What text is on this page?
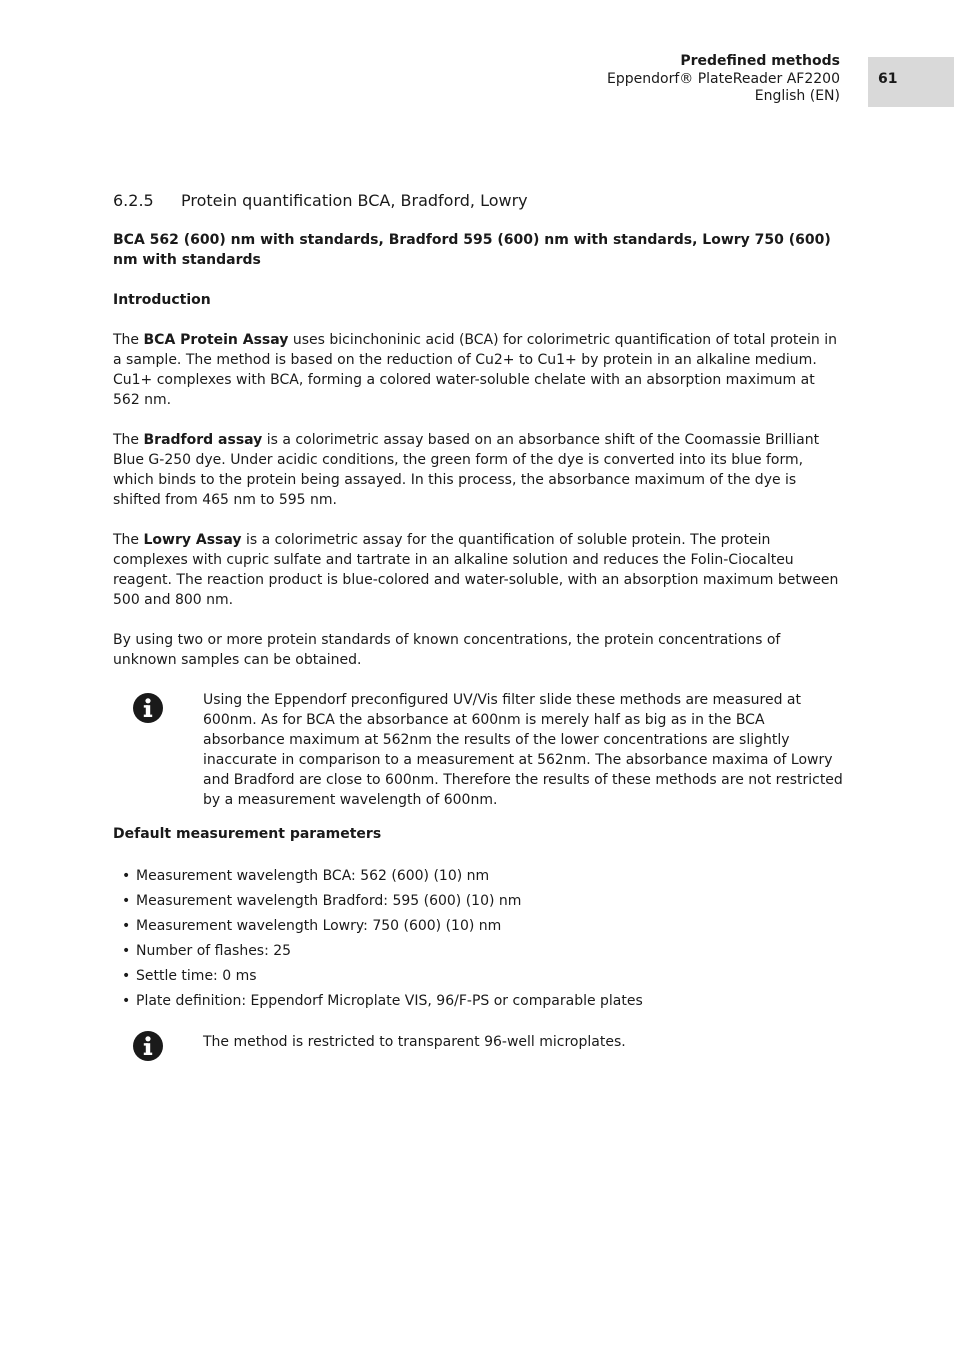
Predefined methods
Eppendorf® PlateReader AF2200
English (EN)
61
6.2.5 Protein quantification BCA, Bradford, Lowry
BCA 562 (600) nm with standards, Bradford 595 (600) nm with standards, Lowry 750 (600) nm with standards
Introduction

The BCA Protein Assay uses bicinchoninic acid (BCA) for colorimetric quantification of total protein in a sample. The method is based on the reduction of Cu2+ to Cu1+ by protein in an alkaline medium. Cu1+ complexes with BCA, forming a colored water-soluble chelate with an absorption maximum at 562 nm.

The Bradford assay is a colorimetric assay based on an absorbance shift of the Coomassie Brilliant Blue G-250 dye. Under acidic conditions, the green form of the dye is converted into its blue form, which binds to the protein being assayed. In this process, the absorbance maximum of the dye is shifted from 465 nm to 595 nm.

The Lowry Assay is a colorimetric assay for the quantification of soluble protein. The protein complexes with cupric sulfate and tartrate in an alkaline solution and reduces the Folin-Ciocalteu reagent. The reaction product is blue-colored and water-soluble, with an absorption maximum between 500 and 800 nm.

By using two or more protein standards of known concentrations, the protein concentrations of unknown samples can be obtained.

Using the Eppendorf preconfigured UV/Vis filter slide these methods are measured at 600nm. As for BCA the absorbance at 600nm is merely half as big as in the BCA absorbance maximum at 562nm the results of the lower concentrations are slightly inaccurate in comparison to a measurement at 562nm. The absorbance maxima of Lowry and Bradford are close to 600nm. Therefore the results of these methods are not restricted by a measurement wavelength of 600nm.
Default measurement parameters
• Measurement wavelength BCA: 562 (600) (10) nm
• Measurement wavelength Bradford: 595 (600) (10) nm
• Measurement wavelength Lowry: 750 (600) (10) nm
• Number of flashes: 25
• Settle time: 0 ms
• Plate definition: Eppendorf Microplate VIS, 96/F-PS or comparable plates
The method is restricted to transparent 96-well microplates.
